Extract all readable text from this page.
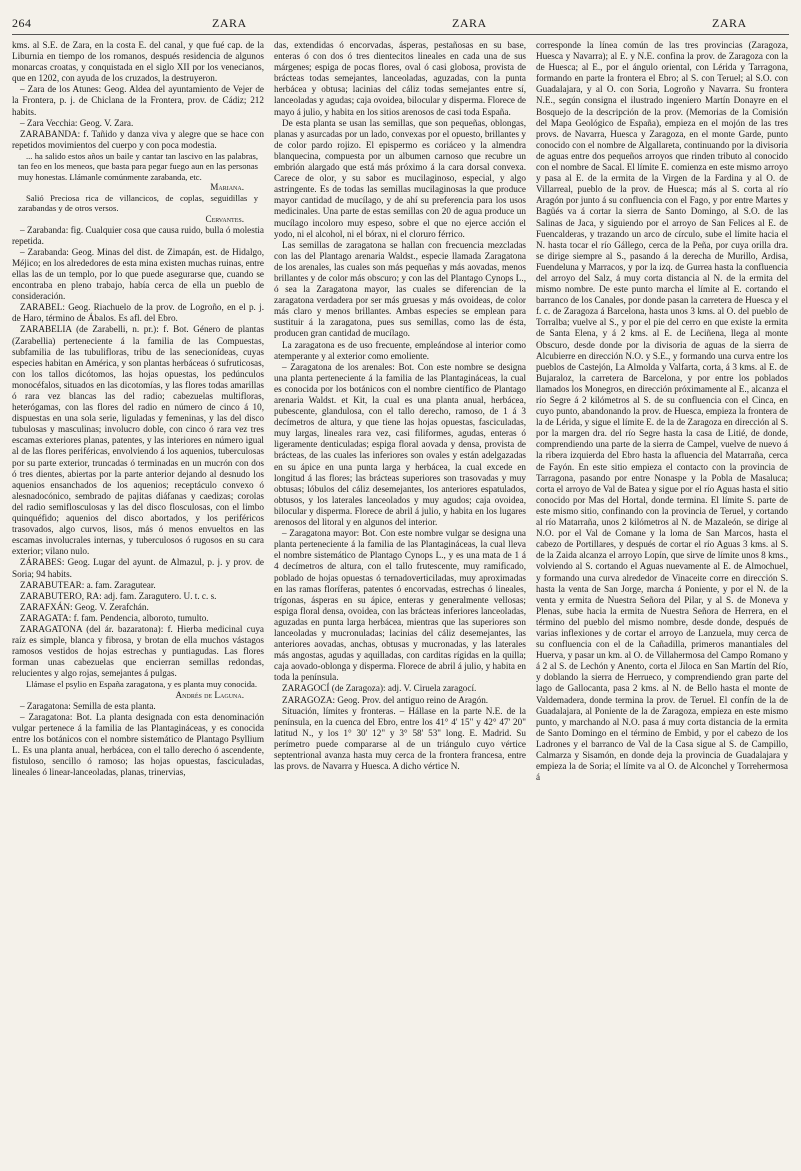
264	ZARA	ZARA	ZARA

kms. al S.E. de Zara, en la costa E. del canal, y que fué cap. de la Liburnia en tiempo de los romanos, después residencia de algunos monarcas croatas, y conquistada en el siglo XII por los venecianos, que en 1202, con ayuda de los cruzados, la destruyeron.

– Zara de los Atunes: Geog. Aldea del ayuntamiento de Vejer de la Frontera, p. j. de Chiclana de la Frontera, prov. de Cádiz; 212 habits.

– Zara Vecchia: Geog. V. Zara.

ZARABANDA: f. Tañido y danza viva y alegre que se hace con repetidos movimientos del cuerpo y con poca modestia.

... ha salido estos años un baile y cantar tan lascivo en las palabras, tan feo en los meneos, que basta para pegar fuego aun en las personas muy honestas. Llámanle comúnmente zarabanda, etc.

Mariana.

Salió Preciosa rica de villancicos, de coplas, seguidillas y zarabandas y de otros versos.

Cervantes.

– Zarabanda: fig. Cualquier cosa que causa ruido, bulla ó molestia repetida.

– Zarabanda: Geog. Minas del dist. de Zimapán, est. de Hidalgo, Méjico; en los alrededores de esta mina existen muchas ruinas, entre ellas las de un templo, por lo que puede asegurarse que, cuando se encontraba en pleno trabajo, había cerca de ella un pueblo de consideración.

ZARABEL: Geog. Riachuelo de la prov. de Logroño, en el p. j. de Haro, término de Ábalos. Es afl. del Ebro.

ZARABELIA (de Zarabelli, n. pr.): f. Bot. Género de plantas (Zarabellia) perteneciente á la familia de las Compuestas, subfamilia de las tubulifloras, tribu de las senecionídeas, cuyas especies habitan en América, y son plantas herbáceas ó sufruticosas, con los tallos dicótomos, las hojas opuestas, los pedúnculos monocéfalos, situados en las dicotomías, y las flores todas amarillas ó rara vez blancas las del radio; cabezuelas multifloras, heterógamas, con las flores del radio en número de cinco á 10, dispuestas en una sola serie, liguladas y femeninas, y las del disco tubulosas y masculinas; involucro doble, con cinco ó rara vez tres escamas exteriores planas, patentes, y las interiores en número igual al de las flores periféricas, envolviendo á los aquenios, tuberculosas por su parte exterior, truncadas ó terminadas en un mucrón con dos ó tres dientes, abiertas por la parte anterior dejando al desnudo los aquenios ensanchados de los aquenios; receptáculo convexo ó alesnadocónico, sembrado de pajitas diáfanas y caedizas; corolas del radio semiflosculosas y las del disco flosculosas, con el limbo quinquéfido; aquenios del disco abortados, y los periféricos trasovados, algo curvos, lisos, más ó menos envueltos en las escamas involucrales internas, y tuberculosos ó rugosos en su cara exterior; vilano nulo.

ZÁRABES: Geog. Lugar del ayunt. de Almazul, p. j. y prov. de Soria; 94 habits.

ZARABUTEAR: a. fam. Zaragutear.

ZARABUTERO, RA: adj. fam. Zaragutero. U. t. c. s.

ZARAFXÁN: Geog. V. Zerafchán.

ZARAGATA: f. fam. Pendencia, alboroto, tumulto.

ZARAGATONA (del ár. bazaratona): f. Hierba medicinal cuya raíz es simple, blanca y fibrosa, y brotan de ella muchos vástagos ramosos vestidos de hojas estrechas y puntiagudas. Las flores forman unas cabezuelas que encierran semillas redondas, relucientes y algo rojas, semejantes á pulgas.

Llámase el psylio en España zaragatona, y es planta muy conocida.

Andrés de Laguna.

– Zaragatona: Semilla de esta planta.

– Zaragatona: Bot. La planta designada con esta denominación vulgar pertenece á la familia de las Plantagináceas, y es conocida entre los botánicos con el nombre sistemático de Plantago Psyllium L. Es una planta anual, herbácea, con el tallo derecho ó ascendente, fistuloso, sencillo ó ramoso; las hojas opuestas, fasciculadas, lineales ó linear-lanceoladas, planas, trinervias,

das, extendidas ó encorvadas, ásperas, pestañosas en su base, enteras ó con dos ó tres dientecitos lineales en cada una de sus márgenes; espiga de pocas flores, oval ó casi globosa, provista de brácteas todas semejantes, lanceoladas, aguzadas, con la punta herbácea y obtusa; lacinias del cáliz todas semejantes entre sí, lanceoladas y agudas; caja ovoidea, bilocular y disperma. Florece de mayo á julio, y habita en los sitios arenosos de casi toda España.

De esta planta se usan las semillas, que son pequeñas, oblongas, planas y asurcadas por un lado, convexas por el opuesto, brillantes y de color pardo rojizo. El epispermo es coriáceo y la almendra blanquecina, compuesta por un albumen carnoso que recubre un embrión alargado que está más próximo á la cara dorsal convexa. Carece de olor, y su sabor es mucilaginoso, especial, y algo astringente. Es de todas las semillas mucilaginosas la que produce mayor cantidad de mucílago, y de ahí su preferencia para los usos medicinales. Una parte de estas semillas con 20 de agua produce un mucílago incoloro muy espeso, sobre el que no ejerce acción el yodo, ni el alcohol, ni el bórax, ni el cloruro férrico.

Las semillas de zaragatona se hallan con frecuencia mezcladas con las del Plantago arenaria Waldst., especie llamada Zaragatona de los arenales, las cuales son más pequeñas y más aovadas, menos brillantes y de color más obscuro; y con las del Plantago Cynops L., ó sea la Zaragatona mayor, las cuales se diferencian de la zaragatona verdadera por ser más gruesas y más ovoideas, de color más claro y menos brillantes. Ambas especies se emplean para sustituir á la zaragatona, pues sus semillas, como las de ésta, producen gran cantidad de mucílago.

La zaragatona es de uso frecuente, empleándose al interior como atemperante y al exterior como emoliente.

– Zaragatona de los arenales: Bot. Con este nombre se designa una planta perteneciente á la familia de las Plantagináceas, la cual es conocida por los botánicos con el nombre científico de Plantago arenaria Waldst. et Kit, la cual es una planta anual, herbácea, pubescente, glandulosa, con el tallo derecho, ramoso, de 1 á 3 decímetros de altura, y que tiene las hojas opuestas, fasciculadas, muy largas, lineales rara vez, casi filiformes, agudas, enteras ó ligeramente denticuladas; espiga floral aovada y densa, provista de brácteas, de las cuales las inferiores son ovales y están adelgazadas en su ápice en una punta larga y herbácea, la cual excede en longitud á las flores; las brácteas superiores son trasovadas y muy obtusas; lóbulos del cáliz desemejantes, los anteriores espatulados, obtusos, y los laterales lanceolados y muy agudos; caja ovoidea, bilocular y disperma. Florece de abril á julio, y habita en los lugares arenosos del litoral y en algunos del interior.

– Zaragatona mayor: Bot. Con este nombre vulgar se designa una planta perteneciente á la familia de las Plantagináceas, la cual lleva el nombre sistemático de Plantago Cynops L., y es una mata de 1 á 4 decímetros de altura, con el tallo frutescente, muy ramificado, poblado de hojas opuestas ó ternadoverticiladas, muy aproximadas en las ramas floríferas, patentes ó encorvadas, estrechas ó lineales, trígonas, ásperas en su ápice, enteras y generalmente vellosas; espiga floral densa, ovoidea, con las brácteas inferiores lanceoladas, aguzadas en punta larga herbácea, mientras que las superiores son lanceoladas y mucronuladas; lacinias del cáliz desemejantes, las anteriores aovadas, anchas, obtusas y mucronadas, y las laterales más angostas, agudas y aquilladas, con carditas rígidas en la quilla; caja aovado-oblonga y disperma. Florece de abril á julio, y habita en toda la península.

ZARAGOCÍ (de Zaragoza): adj. V. Ciruela zaragocí.

ZARAGOZA: Geog. Prov. del antiguo reino de Aragón.

Situación, límites y fronteras. – Hállase en la parte N.E. de la península, en la cuenca del Ebro, entre los 41° 4' 15" y 42° 47' 20" latitud N., y los 1° 30' 12" y 3° 58' 53" long. E. Madrid. Su perímetro puede compararse al de un triángulo cuyo vértice septentrional avanza hasta muy cerca de la frontera francesa, entre las provs. de Navarra y Huesca. A dicho vértice N.

corresponde la línea común de las tres provincias (Zaragoza, Huesca y Navarra); al E. y N.E. confina la prov. de Zaragoza con la de Huesca; al E., por el ángulo oriental, con Lérida y Tarragona, formando en parte la frontera el Ebro; al S. con Teruel; al S.O. con Guadalajara, y al O. con Soria, Logroño y Navarra. Su frontera N.E., según consigna el ilustrado ingeniero Martín Donayre en el Bosquejo de la descripción de la prov. (Memorias de la Comisión del Mapa Geológico de España), empieza en el mojón de las tres provs. de Navarra, Huesca y Zaragoza, en el monte Garde, punto conocido con el nombre de Algallareta, continuando por la divisoria de aguas entre dos pequeños arroyos que rinden tributo al conocido con el nombre de Sacal. El límite E. comienza en este mismo arroyo y pasa al E. de la ermita de la Virgen de la Fardina y al O. de Villarreal, pueblo de la prov. de Huesca; más al S. corta al río Aragón por junto á su confluencia con el Fago, y por entre Martes y Bagüés va á cortar la sierra de Santo Domingo, al S.O. de las Salinas de Jaca, y siguiendo por el arroyo de San Felices al E. de Fuencalderas, y trazando un arco de círculo, sube el límite hacia el N. hasta tocar el río Gállego, cerca de la Peña, por cuya orilla dra. se dirige siempre al S., pasando á la derecha de Murillo, Ardisa, Fuendeluna y Marracos, y por la izq. de Gurrea hasta la confluencia del arroyo del Salz, á muy corta distancia al N. de la ermita del mismo nombre. De este punto marcha el límite al E. cortando el barranco de los Canales, por donde pasan la carretera de Huesca y el f. c. de Zaragoza á Barcelona, hasta unos 3 kms. al O. del pueblo de Torralba; vuelve al S., y por el pie del cerro en que existe la ermita de Santa Elena, y á 2 kms. al E. de Leciñena, llega al monte Obscuro, desde donde por la divisoria de aguas de la sierra de Alcubierre en dirección N.O. y S.E., y formando una curva entre los pueblos de Castejón, La Almolda y Valfarta, corta, á 3 kms. al E. de Bujaraloz, la carretera de Barcelona, y por entre los poblados llamados los Monegros, en dirección próximamente al E., alcanza el río Segre á 2 kilómetros al S. de su confluencia con el Cinca, en cuyo punto, abandonando la prov. de Huesca, empieza la frontera de la de Lérida, y sigue el límite E. de la de Zaragoza en dirección al S. por la margen dra. del río Segre hasta la casa de Litié, de donde, comprendiendo una parte de la sierra de Campel, vuelve de nuevo á la ribera izquierda del Ebro hasta la afluencia del Matarraña, cerca de Fayón. En este sitio empieza el contacto con la provincia de Tarragona, pasando por entre Nonaspe y la Pobla de Masaluca; corta el arroyo de Val de Batea y sigue por el río Aguas hasta el sitio conocido por Mas del Hortal, donde termina. El límite S. parte de este mismo sitio, confinando con la provincia de Teruel, y cortando al río Matarraña, unos 2 kilómetros al N. de Mazaleón, se dirige al N.O. por el Val de Comane y la loma de San Marcos, hasta el cabezo de Portillares, y después de cortar el río Aguas 3 kms. al S. de la Zaida alcanza el arroyo Lopín, que sirve de límite unos 8 kms., volviendo al S. cortando el Aguas nuevamente al E. de Almochuel, y formando una curva alrededor de Vinaceite corre en dirección S. hasta la venta de San Jorge, marcha á Poniente, y por el N. de la venta y ermita de Nuestra Señora del Pilar, y al S. de Moneva y Plenas, sube hacia la ermita de Nuestra Señora de Herrera, en el término del pueblo del mismo nombre, desde donde, después de varias inflexiones y de cortar el arroyo de Lanzuela, muy cerca de su confluencia con el de la Cañadilla, primeros manantiales del Huerva, y pasar un km. al O. de Villahermosa del Campo Romano y á 2 al S. de Lechón y Anento, corta el Jiloca en San Martín del Río, y doblando la sierra de Herrueco, y comprendiendo gran parte del lago de Gallocanta, pasa 2 kms. al N. de Bello hasta el monte de Valdemadera, donde termina la prov. de Teruel. El confín de la de Guadalajara, al Poniente de la de Zaragoza, empieza en este mismo punto, y marchando al N.O. pasa á muy corta distancia de la ermita de Santo Domingo en el término de Embid, y por el cabezo de los Ladrones y el barranco de Val de la Casa sigue al S. de Campillo, Calmarza y Sisamón, en donde deja la provincia de Guadalajara y empieza la de Soria; el límite va al O. de Alconchel y Torrehermosa á
